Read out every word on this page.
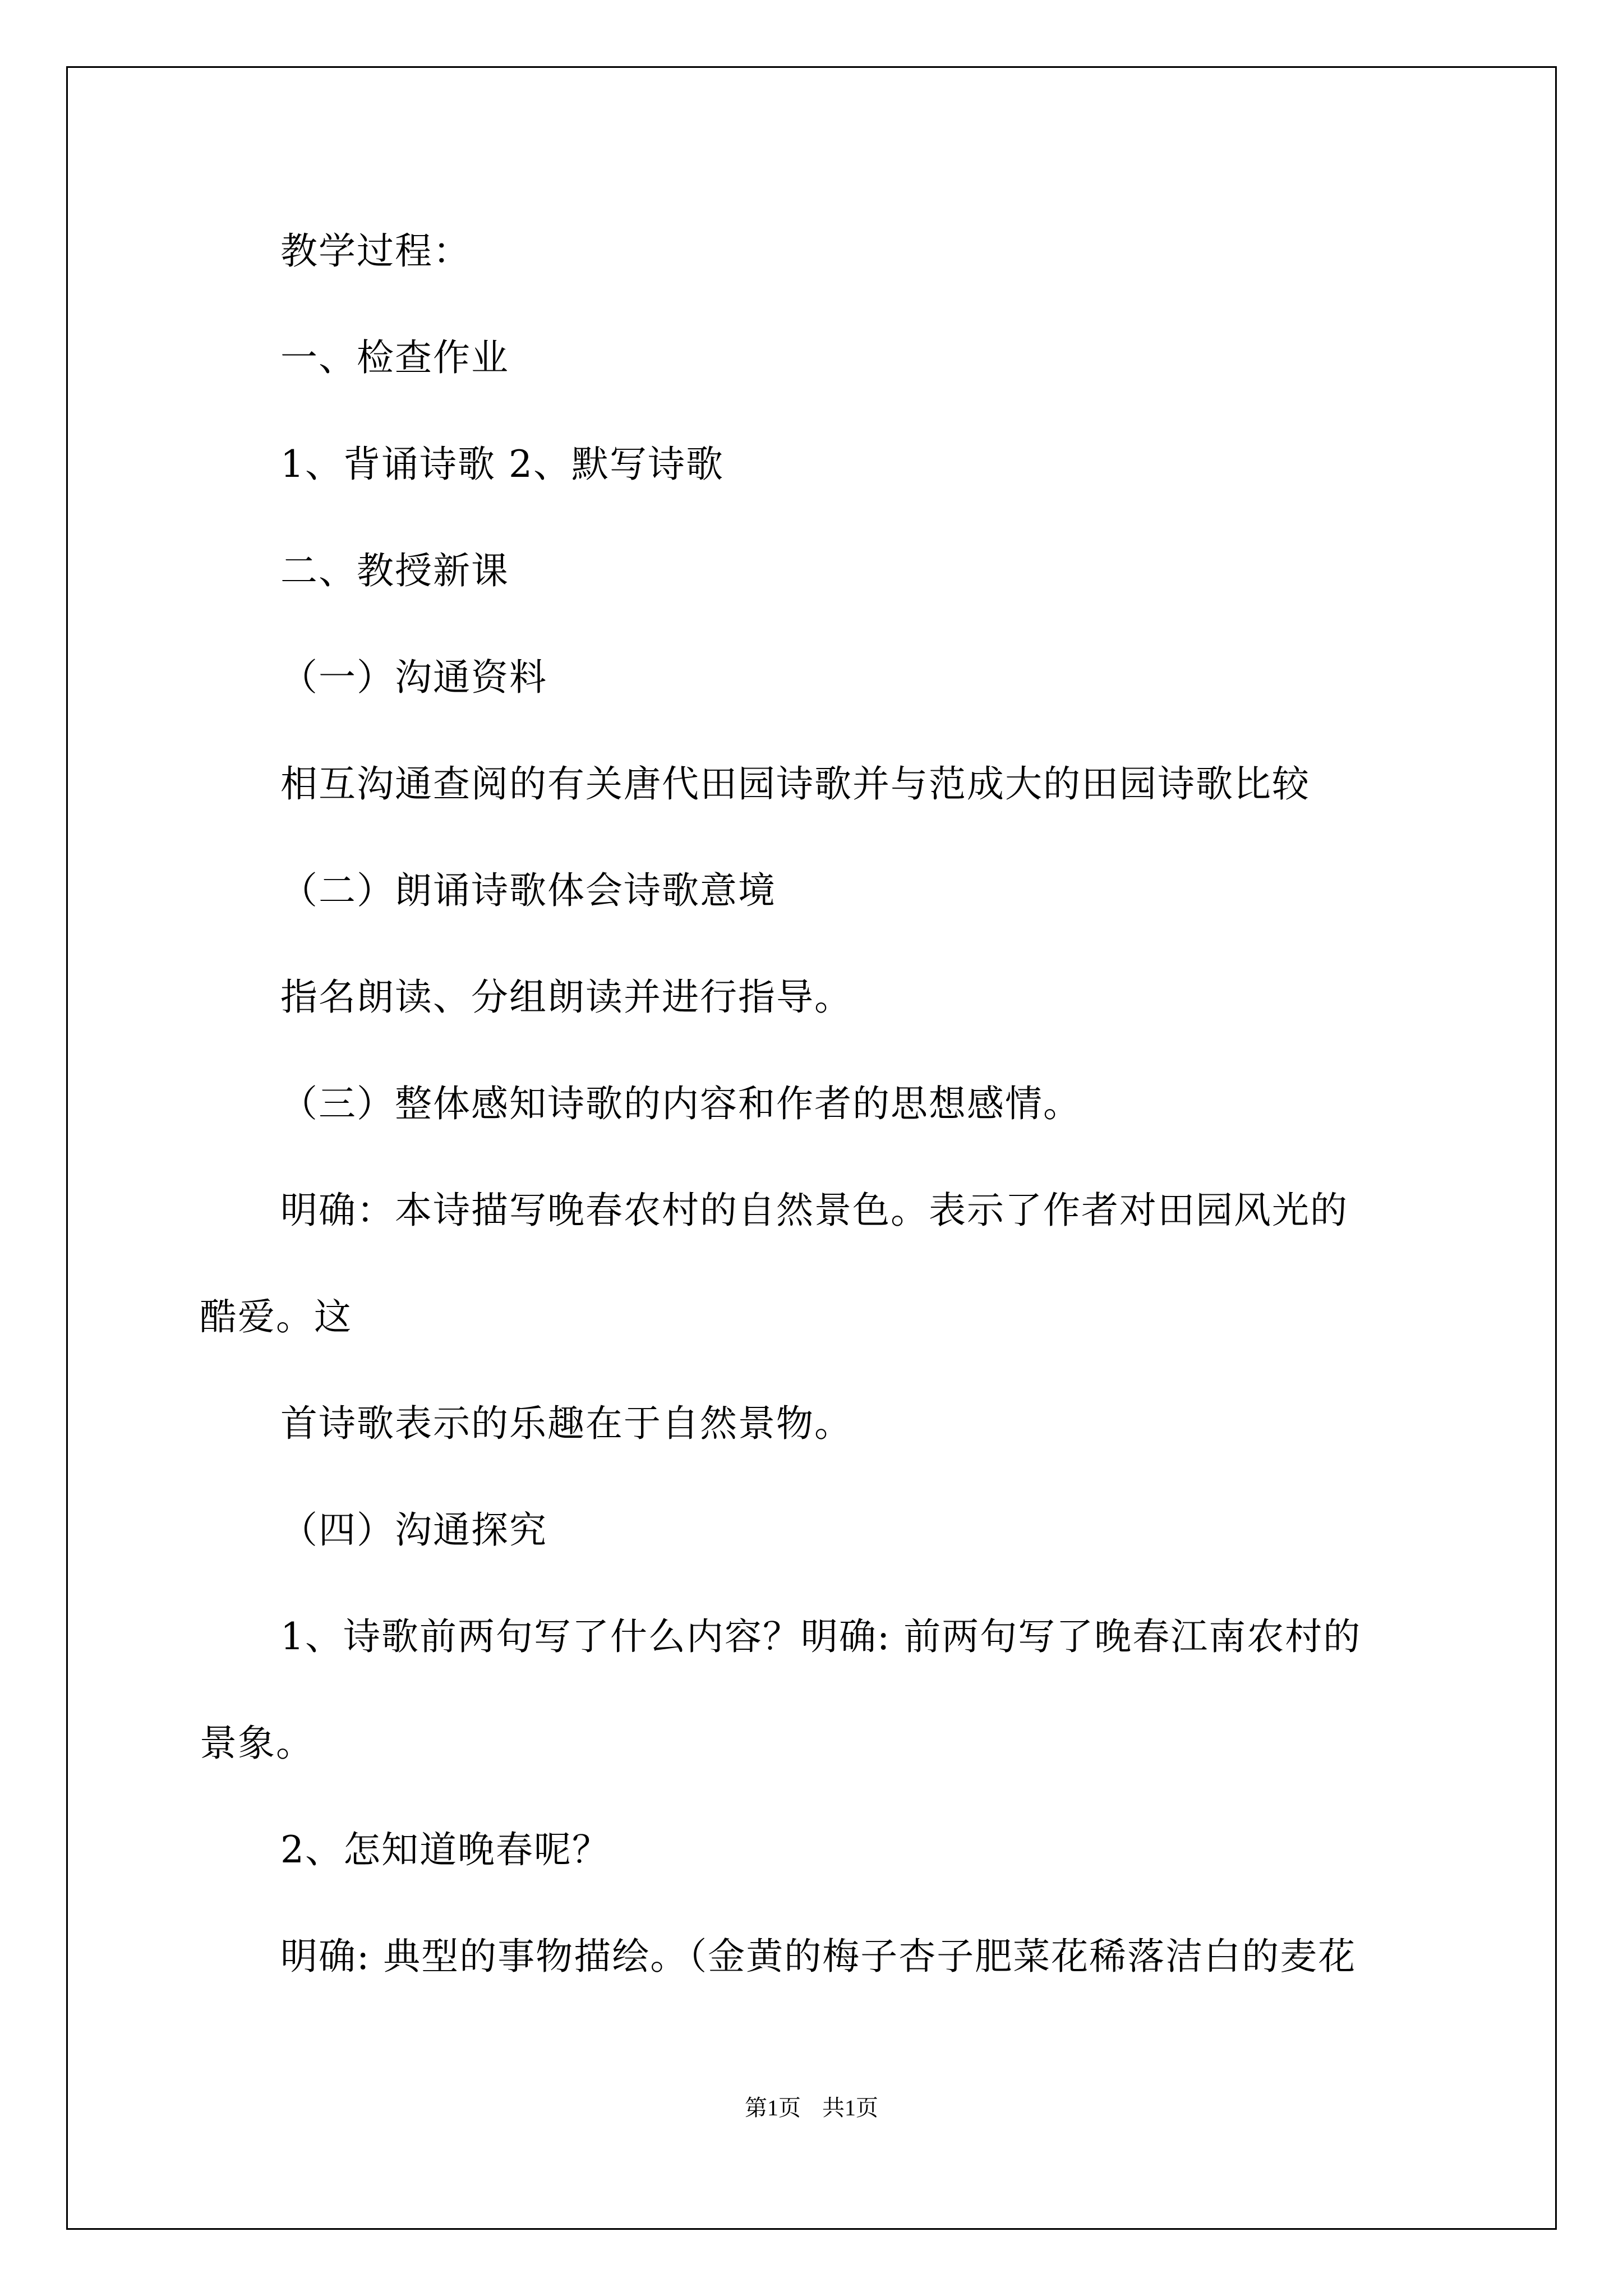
教学过程：
一、检查作业
1、背诵诗歌 2、默写诗歌
二、教授新课
（一）沟通资料
相互沟通查阅的有关唐代田园诗歌并与范成大的田园诗歌比较
（二）朗诵诗歌体会诗歌意境
指名朗读、分组朗读并进行指导。
（三）整体感知诗歌的内容和作者的思想感情。
明确：本诗描写晚春农村的自然景色。表示了作者对田园风光的
酷爱。这
首诗歌表示的乐趣在于自然景物。
（四）沟通探究
1、诗歌前两句写了什么内容？明确: 前两句写了晚春江南农村的
景象。
2、怎知道晚春呢？
明确: 典型的事物描绘。（金黄的梅子杏子肥菜花稀落洁白的麦花
第1页 共1页
